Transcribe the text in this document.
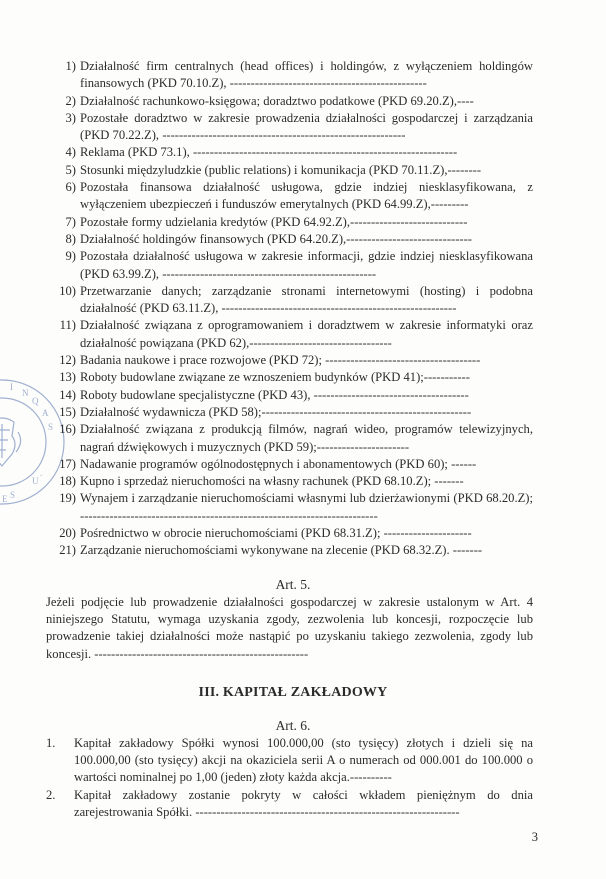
I
N
Q
A
S
U
.
S
E
1) Działalność firm centralnych (head offices) i holdingów, z wyłączeniem holdingów finansowych (PKD 70.10.Z), -----------------------------------------------
2) Działalność rachunkowo-księgowa; doradztwo podatkowe (PKD 69.20.Z),----
3) Pozostałe doradztwo w zakresie prowadzenia działalności gospodarczej i zarządzania (PKD 70.22.Z), ----------------------------------------------------------
4) Reklama (PKD 73.1), ---------------------------------------------------------------
5) Stosunki międzyludzkie (public relations) i komunikacja (PKD 70.11.Z),--------
6) Pozostała finansowa działalność usługowa, gdzie indziej niesklasyfikowana, z wyłączeniem ubezpieczeń i funduszów emerytalnych (PKD 64.99.Z),---------
7) Pozostałe formy udzielania kredytów (PKD 64.92.Z),----------------------------
8) Działalność holdingów finansowych (PKD 64.20.Z),------------------------------
9) Pozostała działalność usługowa w zakresie informacji, gdzie indziej niesklasyfikowana (PKD 63.99.Z), ---------------------------------------------------
10) Przetwarzanie danych; zarządzanie stronami internetowymi (hosting) i podobna działalność (PKD 63.11.Z), --------------------------------------------------------
11) Działalność związana z oprogramowaniem i doradztwem w zakresie informatyki oraz działalność powiązana (PKD 62),----------------------------------
12) Badania naukowe i prace rozwojowe (PKD 72); -------------------------------------
13) Roboty budowlane związane ze wznoszeniem budynków (PKD 41);-----------
14) Roboty budowlane specjalistyczne (PKD 43), -------------------------------------
15) Działalność wydawnicza (PKD 58);--------------------------------------------------
16) Działalność związana z produkcją filmów, nagrań wideo, programów telewizyjnych, nagrań dźwiękowych i muzycznych (PKD 59);----------------------
17) Nadawanie programów ogólnodostępnych i abonamentowych (PKD 60); ------
18) Kupno i sprzedaż nieruchomości na własny rachunek (PKD 68.10.Z); -------
19) Wynajem i zarządzanie nieruchomościami własnymi lub dzierżawionymi (PKD 68.20.Z); -----------------------------------------------------------------------
20) Pośrednictwo w obrocie nieruchomościami (PKD 68.31.Z); ---------------------
21) Zarządzanie nieruchomościami wykonywane na zlecenie (PKD 68.32.Z). -------
Art. 5.
Jeżeli podjęcie lub prowadzenie działalności gospodarczej w zakresie ustalonym w Art. 4 niniejszego Statutu, wymaga uzyskania zgody, zezwolenia lub koncesji, rozpoczęcie lub prowadzenie takiej działalności może nastąpić po uzyskaniu takiego zezwolenia, zgody lub koncesji. ---------------------------------------------------
III. KAPITAŁ ZAKŁADOWY
Art. 6.
1.	Kapitał zakładowy Spółki wynosi 100.000,00 (sto tysięcy) złotych i dzieli się na 100.000,00 (sto tysięcy) akcji na okaziciela serii A o numerach od 000.001 do 100.000 o wartości nominalnej po 1,00 (jeden) złoty każda akcja.----------
2.	Kapitał zakładowy zostanie pokryty w całości wkładem pieniężnym do dnia zarejestrowania Spółki. ---------------------------------------------------------------
3
